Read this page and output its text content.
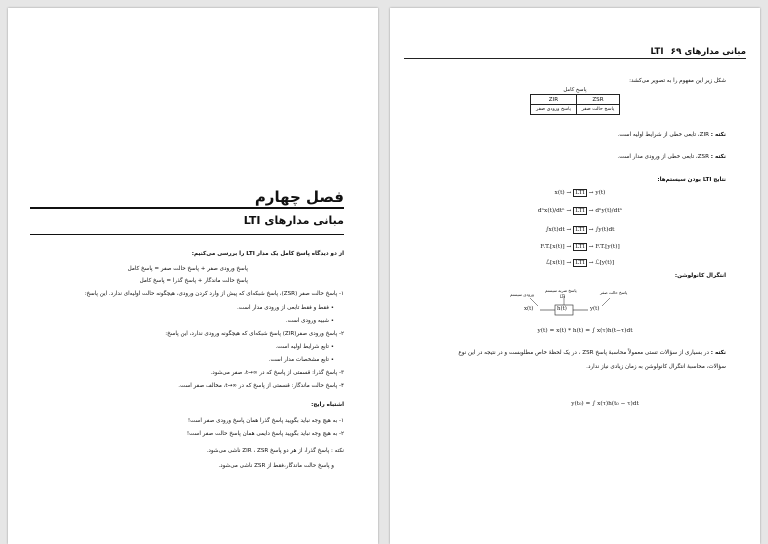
فصل چهارم
مبانی مدارهای LTI
از دو دیدگاه پاسخ کامل یک مدار LTI را بررسی می‌کنیم:
پاسخ ورودی صفر + پاسخ حالت صفر = پاسخ کامل
پاسخ حالت ماندگار + پاسخ گذرا = پاسخ کامل
۱- پاسخ حالت صفر (ZSR)، پاسخ شبکه‌ای که پیش از وارد کردن ورودی، هیچگونه حالت اولیه‌ای ندارد. این پاسخ:
• فقط و فقط تابعی از ورودی مدار است.
• شبیه ورودی است.
۲- پاسخ ورودی صفر(ZIR) پاسخ شبکه‌ای که هیچگونه ورودی ندارد، این پاسخ:
• تابع شرایط اولیه است.
• تابع مشخصات مدار است.
۳- پاسخ گذرا: قسمتی از پاسخ که در ∞→t، صفر می‌شود.
۴- پاسخ حالت ماندگار: قسمتی از پاسخ که در ∞→t، مخالف صفر است.
اشتباه رایج:
۱- به هیچ وجه نباید بگویید پاسخ گذرا همان پاسخ ورودی صفر است!
۲- به هیچ وجه نباید بگویید پاسخ دایمی همان پاسخ حالت صفر است!
نکته : پاسخ گذرا، از هر دو پاسخ ZIR ، ZSR ناشی می‌شود.
و پاسخ حالت ماندگار،فقط از ZSR ناشی می‌شود.
مبانی مدارهای LTI ۶۹
شکل زیر این مفهوم را به تصویر می‌کشد:
پاسخ کامل
ZIR	ZSR
پاسخ ورودی صفر	پاسخ حالت صفر
نکته : ZIR، تابعی خطی از شرایط اولیه است.
نکته : ZSR، تابعی خطی از ورودی مدار است.
نتایج LTI بودن سیستم‌ها:
x(t) → LTI → y(t)
dⁿx(t)/dtⁿ → LTI → dⁿy(t)/dtⁿ
∫x(t)dt → LTI → ∫y(t)dt
F.T.[x(t)] → LTI → F.T.[y(t)]
ℒ[x(t)] → LTI → ℒ[y(t)]
انتگرال کانولوشن:
پاسخ ضربه سیستم
LTI
ورودی سیستم	پاسخ حالت صفر
x(t)	h(t)	y(t)
y(t) = x(t) * h(t) = ∫ x(τ)h(t−τ)dt
نکته : در بسیاری از سؤالات تستی معمولاً محاسبهٔ پاسخ ZSR ، در یک لحظهٔ خاص مطلوبست و در نتیجه در این نوع
سؤالات، محاسبهٔ انتگرال کانولوشن به زمان زیادی نیاز ندارد.
y(t₀) = ∫ x(τ)h(t₀ − τ)dt
